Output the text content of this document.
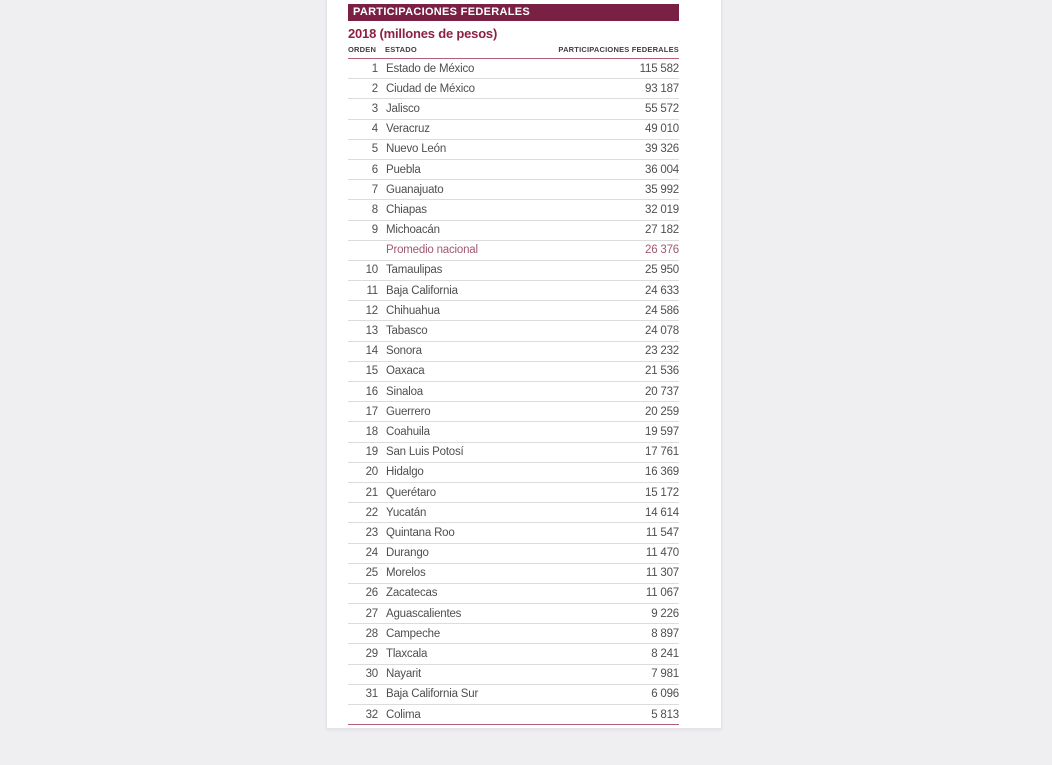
PARTICIPACIONES FEDERALES
2018 (millones de pesos)
ORDEN ESTADO	PARTICIPACIONES FEDERALES
1 Estado de México	115 582
2 Ciudad de México	93 187
3 Jalisco	55 572
4 Veracruz	49 010
5 Nuevo León	39 326
6 Puebla	36 004
7 Guanajuato	35 992
8 Chiapas	32 019
9 Michoacán	27 182
Promedio nacional	26 376
10 Tamaulipas	25 950
11 Baja California	24 633
12 Chihuahua	24 586
13 Tabasco	24 078
14 Sonora	23 232
15 Oaxaca	21 536
16 Sinaloa	20 737
17 Guerrero	20 259
18 Coahuila	19 597
19 San Luis Potosí	17 761
20 Hidalgo	16 369
21 Querétaro	15 172
22 Yucatán	14 614
23 Quintana Roo	11 547
24 Durango	11 470
25 Morelos	11 307
26 Zacatecas	11 067
27 Aguascalientes	9 226
28 Campeche	8 897
29 Tlaxcala	8 241
30 Nayarit	7 981
31 Baja California Sur	6 096
32 Colima	5 813
